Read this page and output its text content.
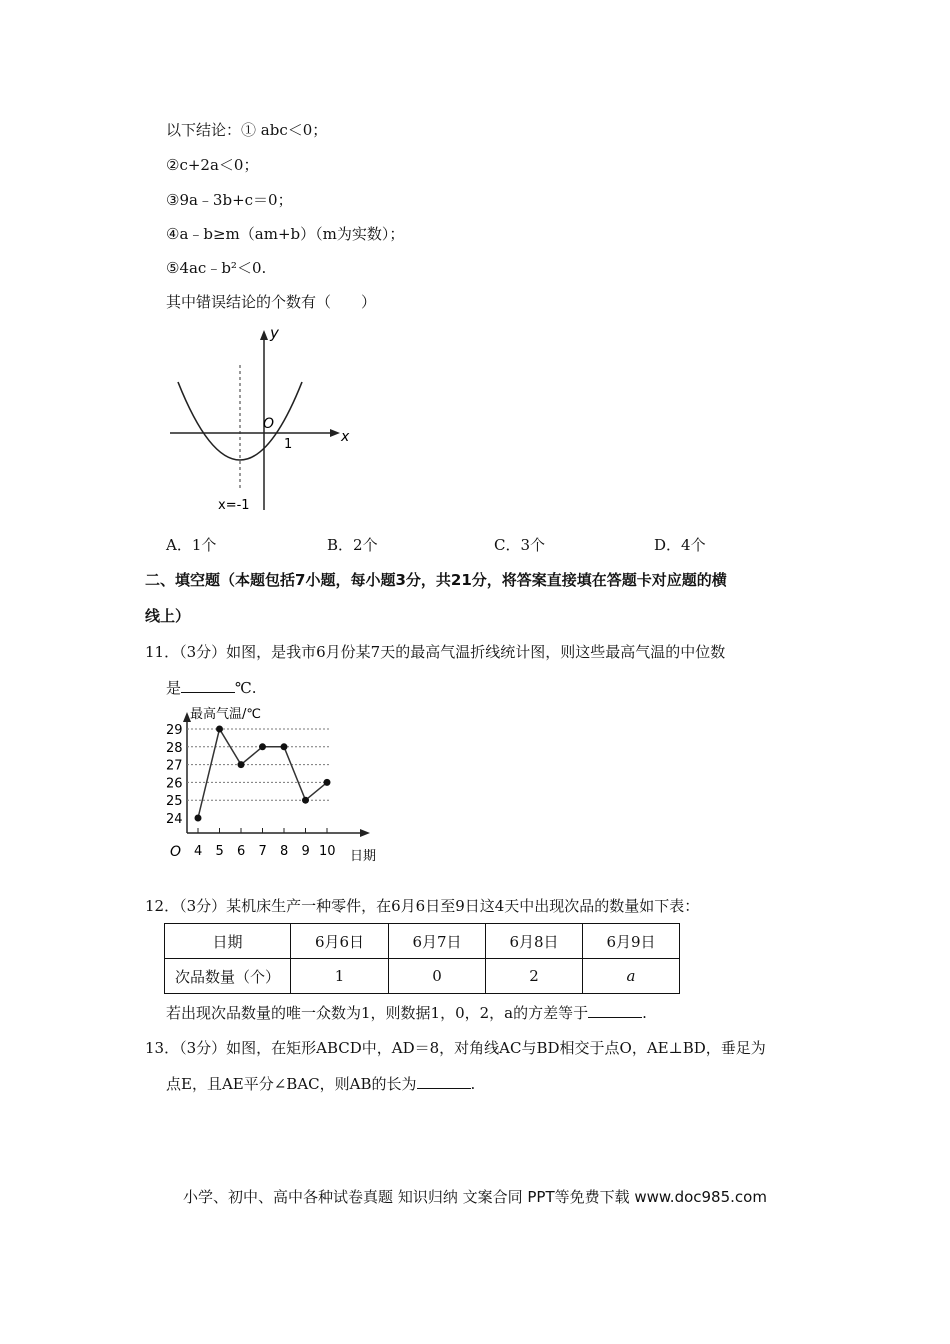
以下结论：① abc＜0；
②c+2a＜0；
③9a﹣3b+c＝0；
④a﹣b≥m（am+b）（m为实数）；
⑤4ac﹣b²＜0.
其中错误结论的个数有（　　）
y
x
O
1
x=-1
A．1个	B．2个	C．3个	D．4个
二、填空题（本题包括7小题，每小题3分，共21分，将答案直接填在答题卡对应题的横
线上）
11．（3分）如图，是我市6月份某7天的最高气温折线统计图，则这些最高气温的中位数
是	℃.
24
25
26
27
28
29
4 5 6 7 8 9 10
最高气温/℃
日期
O
12．（3分）某机床生产一种零件，在6月6日至9日这4天中出现次品的数量如下表：
日期	6月6日	6月7日	6月8日	6月9日
次品数量（个）	1	0	2	a
若出现次品数量的唯一众数为1，则数据1，0，2，a的方差等于	.
13．（3分）如图，在矩形ABCD中，AD＝8，对角线AC与BD相交于点O，AE⊥BD，垂足为
点E，且AE平分∠BAC，则AB的长为	.
小学、初中、高中各种试卷真题 知识归纳 文案合同 PPT等免费下载 www.doc985.com
